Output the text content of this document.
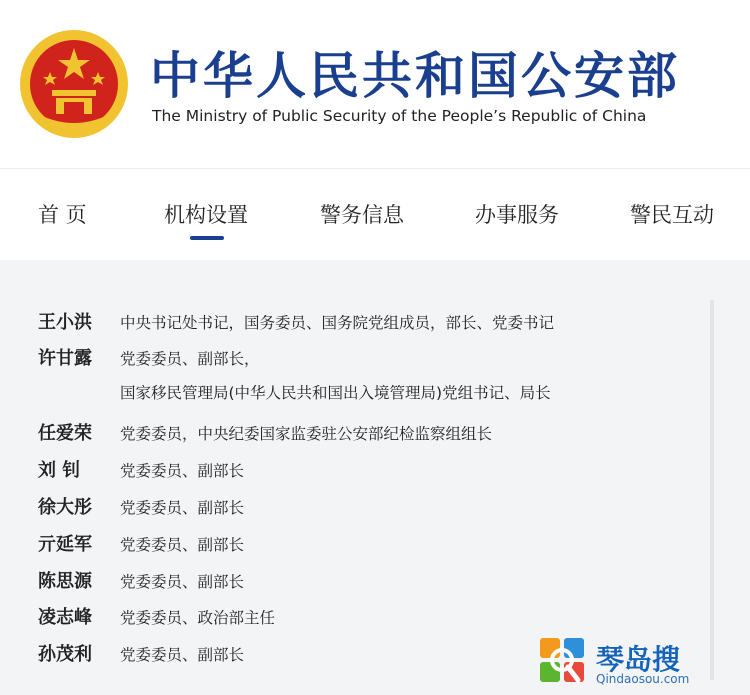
中华人民共和国公安部
The Ministry of Public Security of the People’s Republic of China
首 页	机构设置	警务信息	办事服务	警民互动
王小洪 中央书记处书记，国务委员、国务院党组成员，部长、党委书记
许甘露 党委委员、副部长，
国家移民管理局(中华人民共和国出入境管理局)党组书记、局长
任爱荣 党委委员，中央纪委国家监委驻公安部纪检监察组组长
刘 钊	党委委员、副部长
徐大彤 党委委员、副部长
亓延军 党委委员、副部长
陈思源 党委委员、副部长
凌志峰 党委委员、政治部主任
孙茂利 党委委员、副部长	琴岛搜
Qindaosou.com
